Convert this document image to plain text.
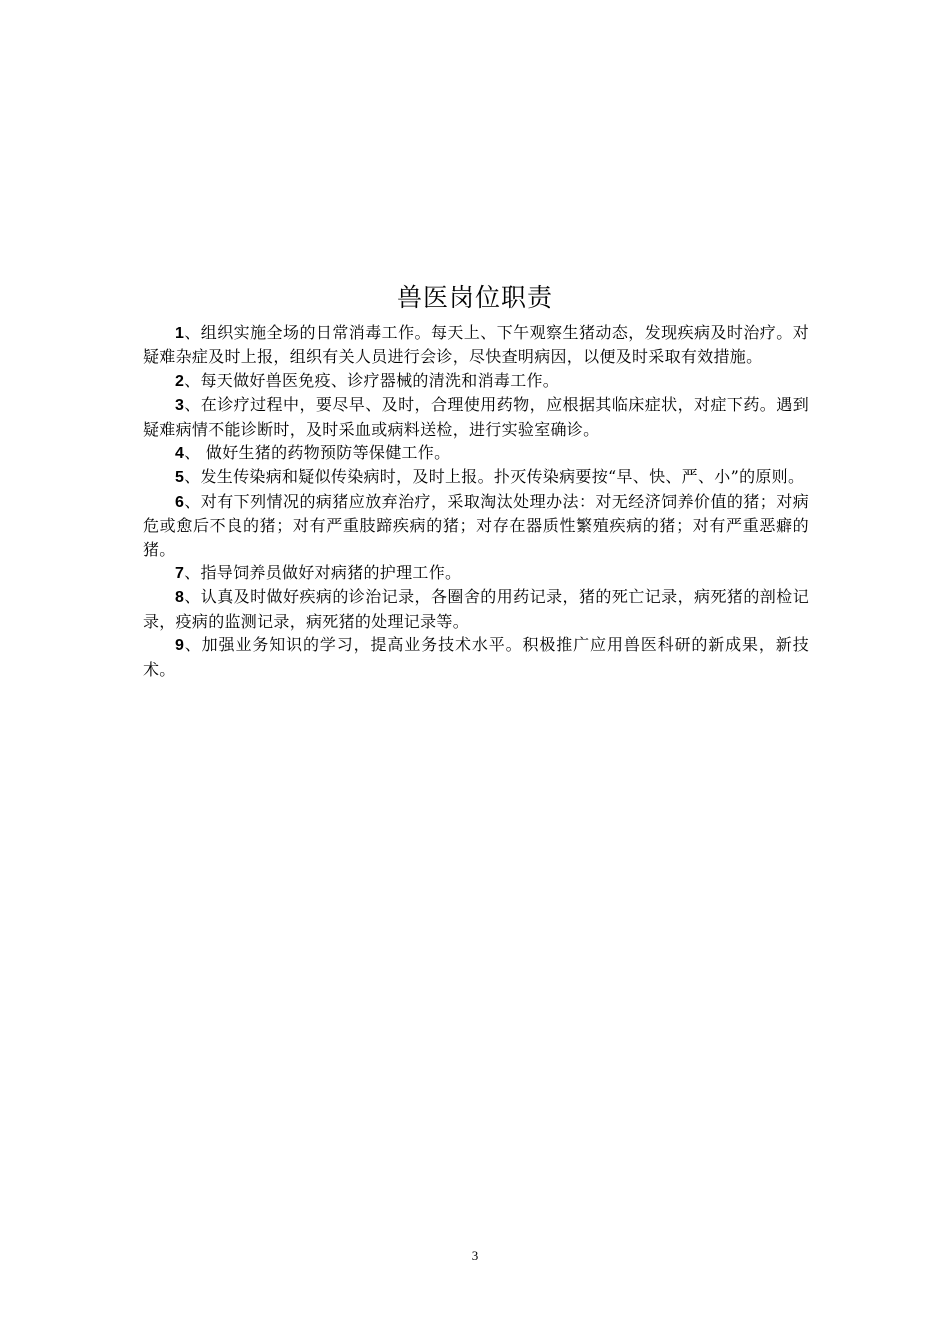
兽医岗位职责

1、组织实施全场的日常消毒工作。每天上、下午观察生猪动态，发现疾病及时治疗。对疑难杂症及时上报，组织有关人员进行会诊，尽快查明病因，以便及时采取有效措施。

2、每天做好兽医免疫、诊疗器械的清洗和消毒工作。

3、在诊疗过程中，要尽早、及时，合理使用药物，应根据其临床症状，对症下药。遇到疑难病情不能诊断时，及时采血或病料送检，进行实验室确诊。

4、 做好生猪的药物预防等保健工作。

5、发生传染病和疑似传染病时，及时上报。扑灭传染病要按“早、快、严、小”的原则。

6、对有下列情况的病猪应放弃治疗，采取淘汰处理办法：对无经济饲养价值的猪；对病危或愈后不良的猪；对有严重肢蹄疾病的猪；对存在器质性繁殖疾病的猪；对有严重恶癖的猪。

7、指导饲养员做好对病猪的护理工作。

8、认真及时做好疾病的诊治记录，各圈舍的用药记录，猪的死亡记录，病死猪的剖检记录，疫病的监测记录，病死猪的处理记录等。

9、加强业务知识的学习，提高业务技术水平。积极推广应用兽医科研的新成果，新技术。

3
